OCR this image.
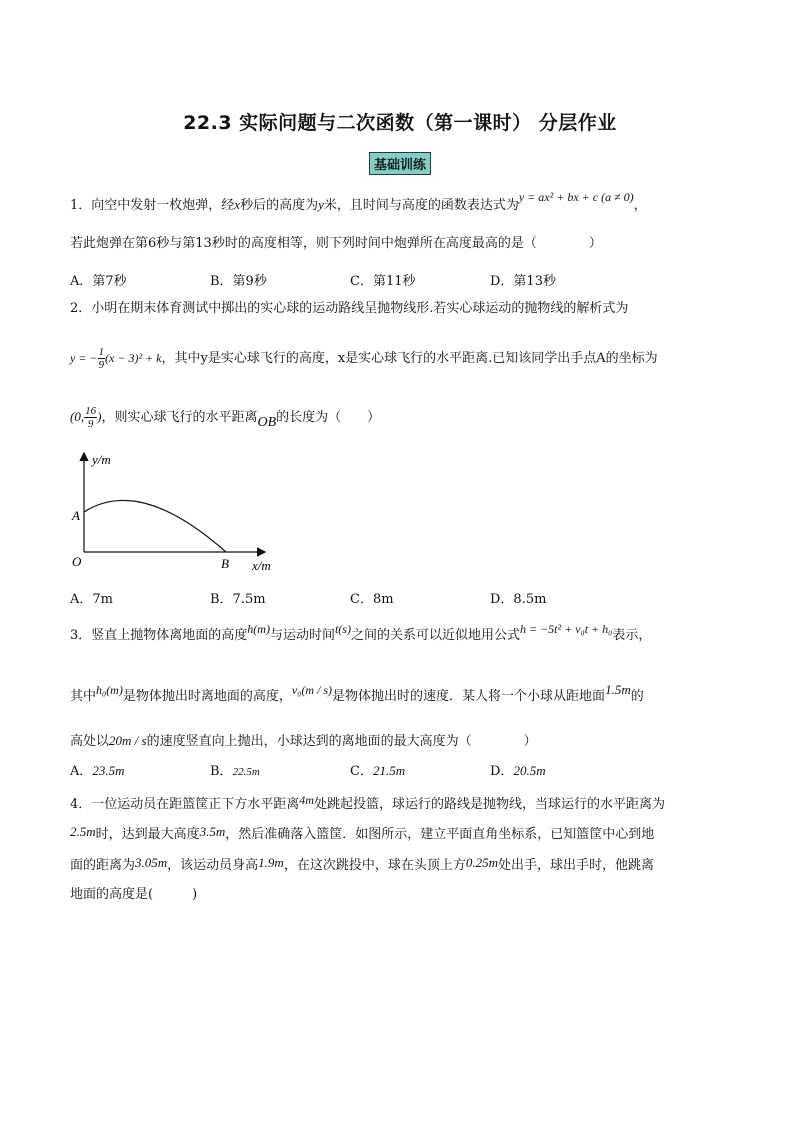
22.3 实际问题与二次函数（第一课时） 分层作业
基础训练
1．向空中发射一枚炮弹，经x秒后的高度为y米，且时间与高度的函数表达式为y = ax² + bx + c (a ≠ 0)，
若此炮弹在第6秒与第13秒时的高度相等，则下列时间中炮弹所在高度最高的是（　　　　）
A．第7秒	B．第9秒	C．第11秒	D．第13秒
2．小明在期末体育测试中掷出的实心球的运动路线呈抛物线形.若实心球运动的抛物线的解析式为
y = − $\frac{1}{9} (x - 3)^2 + k$，其中y是实心球飞行的高度，x是实心球飞行的水平距离.已知该同学出手点A的坐标为
(0, $\frac{16}{9}$ )，则实心球飞行的水平距离OB的长度为（　　）
y/m
x/m
O
A
B
A．7m	B．7.5m	C．8m	D．8.5m
3．竖直上抛物体离地面的高度h(m)与运动时间t(s)之间的关系可以近似地用公式h = −5t² + v₀t + h₀表示，
其中h₀(m)是物体抛出时离地面的高度，v₀(m / s)是物体抛出时的速度．某人将一个小球从距地面1.5m的
高处以20m / s的速度竖直向上抛出，小球达到的离地面的最大高度为（　　　　）
A．23.5m	B．22.5m	C．21.5m	D．20.5m
4．一位运动员在距篮筐正下方水平距离4m处跳起投篮，球运行的路线是抛物线，当球运行的水平距离为
2.5m时，达到最大高度3.5m，然后准确落入篮筐．如图所示，建立平面直角坐标系，已知篮筐中心到地
面的距离为3.05m，该运动员身高1.9m，在这次跳投中，球在头顶上方0.25m处出手，球出手时，他跳离
地面的高度是(　　　)
